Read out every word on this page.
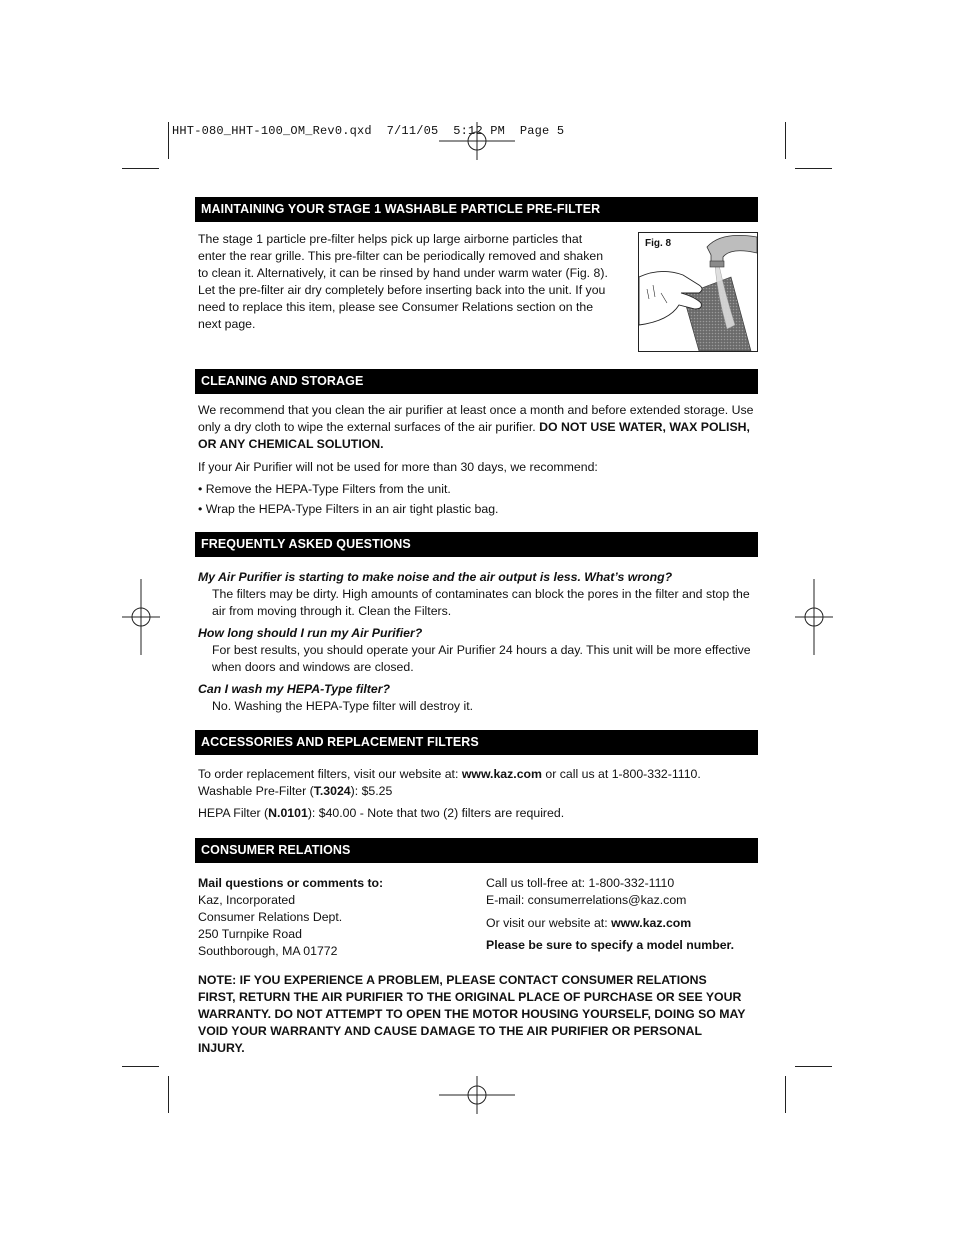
HHT-080_HHT-100_OM_Rev0.qxd  7/11/05  5:12 PM  Page 5
MAINTAINING YOUR STAGE 1 WASHABLE PARTICLE PRE-FILTER
The stage 1 particle pre-filter helps pick up large airborne particles that enter the rear grille. This pre-filter can be periodically removed and shaken to clean it. Alternatively, it can be rinsed by hand under warm water (Fig. 8). Let the pre-filter air dry completely before inserting back into the unit. If you need to replace this item, please see Consumer Relations section on the next page.
Fig. 8
CLEANING AND STORAGE

We recommend that you clean the air purifier at least once a month and before extended storage. Use only a dry cloth to wipe the external surfaces of the air purifier. DO NOT USE WATER, WAX POLISH, OR ANY CHEMICAL SOLUTION.

If your Air Purifier will not be used for more than 30 days, we recommend:

• Remove the HEPA-Type Filters from the unit.

• Wrap the HEPA-Type Filters in an air tight plastic bag.

FREQUENTLY ASKED QUESTIONS

My Air Purifier is starting to make noise and the air output is less. What’s wrong?

The filters may be dirty. High amounts of contaminates can block the pores in the filter and stop the air from moving through it. Clean the Filters.

How long should I run my Air Purifier?

For best results, you should operate your Air Purifier 24 hours a day. This unit will be more effective when doors and windows are closed.

Can I wash my HEPA-Type filter?

No. Washing the HEPA-Type filter will destroy it.

ACCESSORIES AND REPLACEMENT FILTERS

To order replacement filters, visit our website at: www.kaz.com or call us at 1-800-332-1110.

Washable Pre-Filter (T.3024): $5.25

HEPA Filter (N.0101): $40.00 - Note that two (2) filters are required.

CONSUMER RELATIONS

Mail questions or comments to:

Kaz, Incorporated

Consumer Relations Dept.

250 Turnpike Road

Southborough, MA 01772

Call us toll-free at: 1-800-332-1110

E-mail: consumerrelations@kaz.com

Or visit our website at: www.kaz.com

Please be sure to specify a model number.

NOTE: IF YOU EXPERIENCE A PROBLEM, PLEASE CONTACT CONSUMER RELATIONS FIRST, RETURN THE AIR PURIFIER TO THE ORIGINAL PLACE OF PURCHASE OR SEE YOUR WARRANTY. DO NOT ATTEMPT TO OPEN THE MOTOR HOUSING YOURSELF, DOING SO MAY VOID YOUR WARRANTY AND CAUSE DAMAGE TO THE AIR PURIFIER OR PERSONAL INJURY.
